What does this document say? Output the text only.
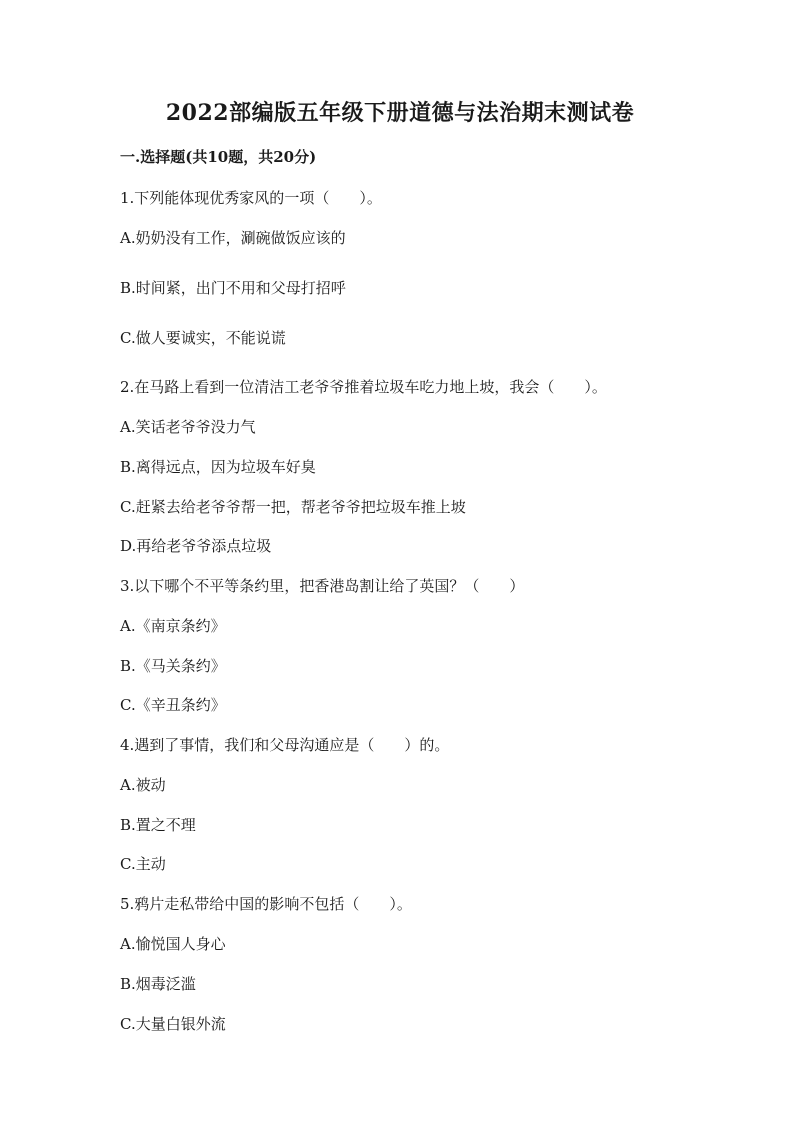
2022部编版五年级下册道德与法治期末测试卷
一.选择题(共10题，共20分)
1.下列能体现优秀家风的一项（　　）。
A.奶奶没有工作，涮碗做饭应该的
B.时间紧，出门不用和父母打招呼
C.做人要诚实，不能说谎
2.在马路上看到一位清洁工老爷爷推着垃圾车吃力地上坡，我会（　　）。
A.笑话老爷爷没力气
B.离得远点，因为垃圾车好臭
C.赶紧去给老爷爷帮一把，帮老爷爷把垃圾车推上坡
D.再给老爷爷添点垃圾
3.以下哪个不平等条约里，把香港岛割让给了英国？（　　）
A.《南京条约》
B.《马关条约》
C.《辛丑条约》
4.遇到了事情，我们和父母沟通应是（　　）的。
A.被动
B.置之不理
C.主动
5.鸦片走私带给中国的影响不包括（　　）。
A.愉悦国人身心
B.烟毒泛滥
C.大量白银外流
